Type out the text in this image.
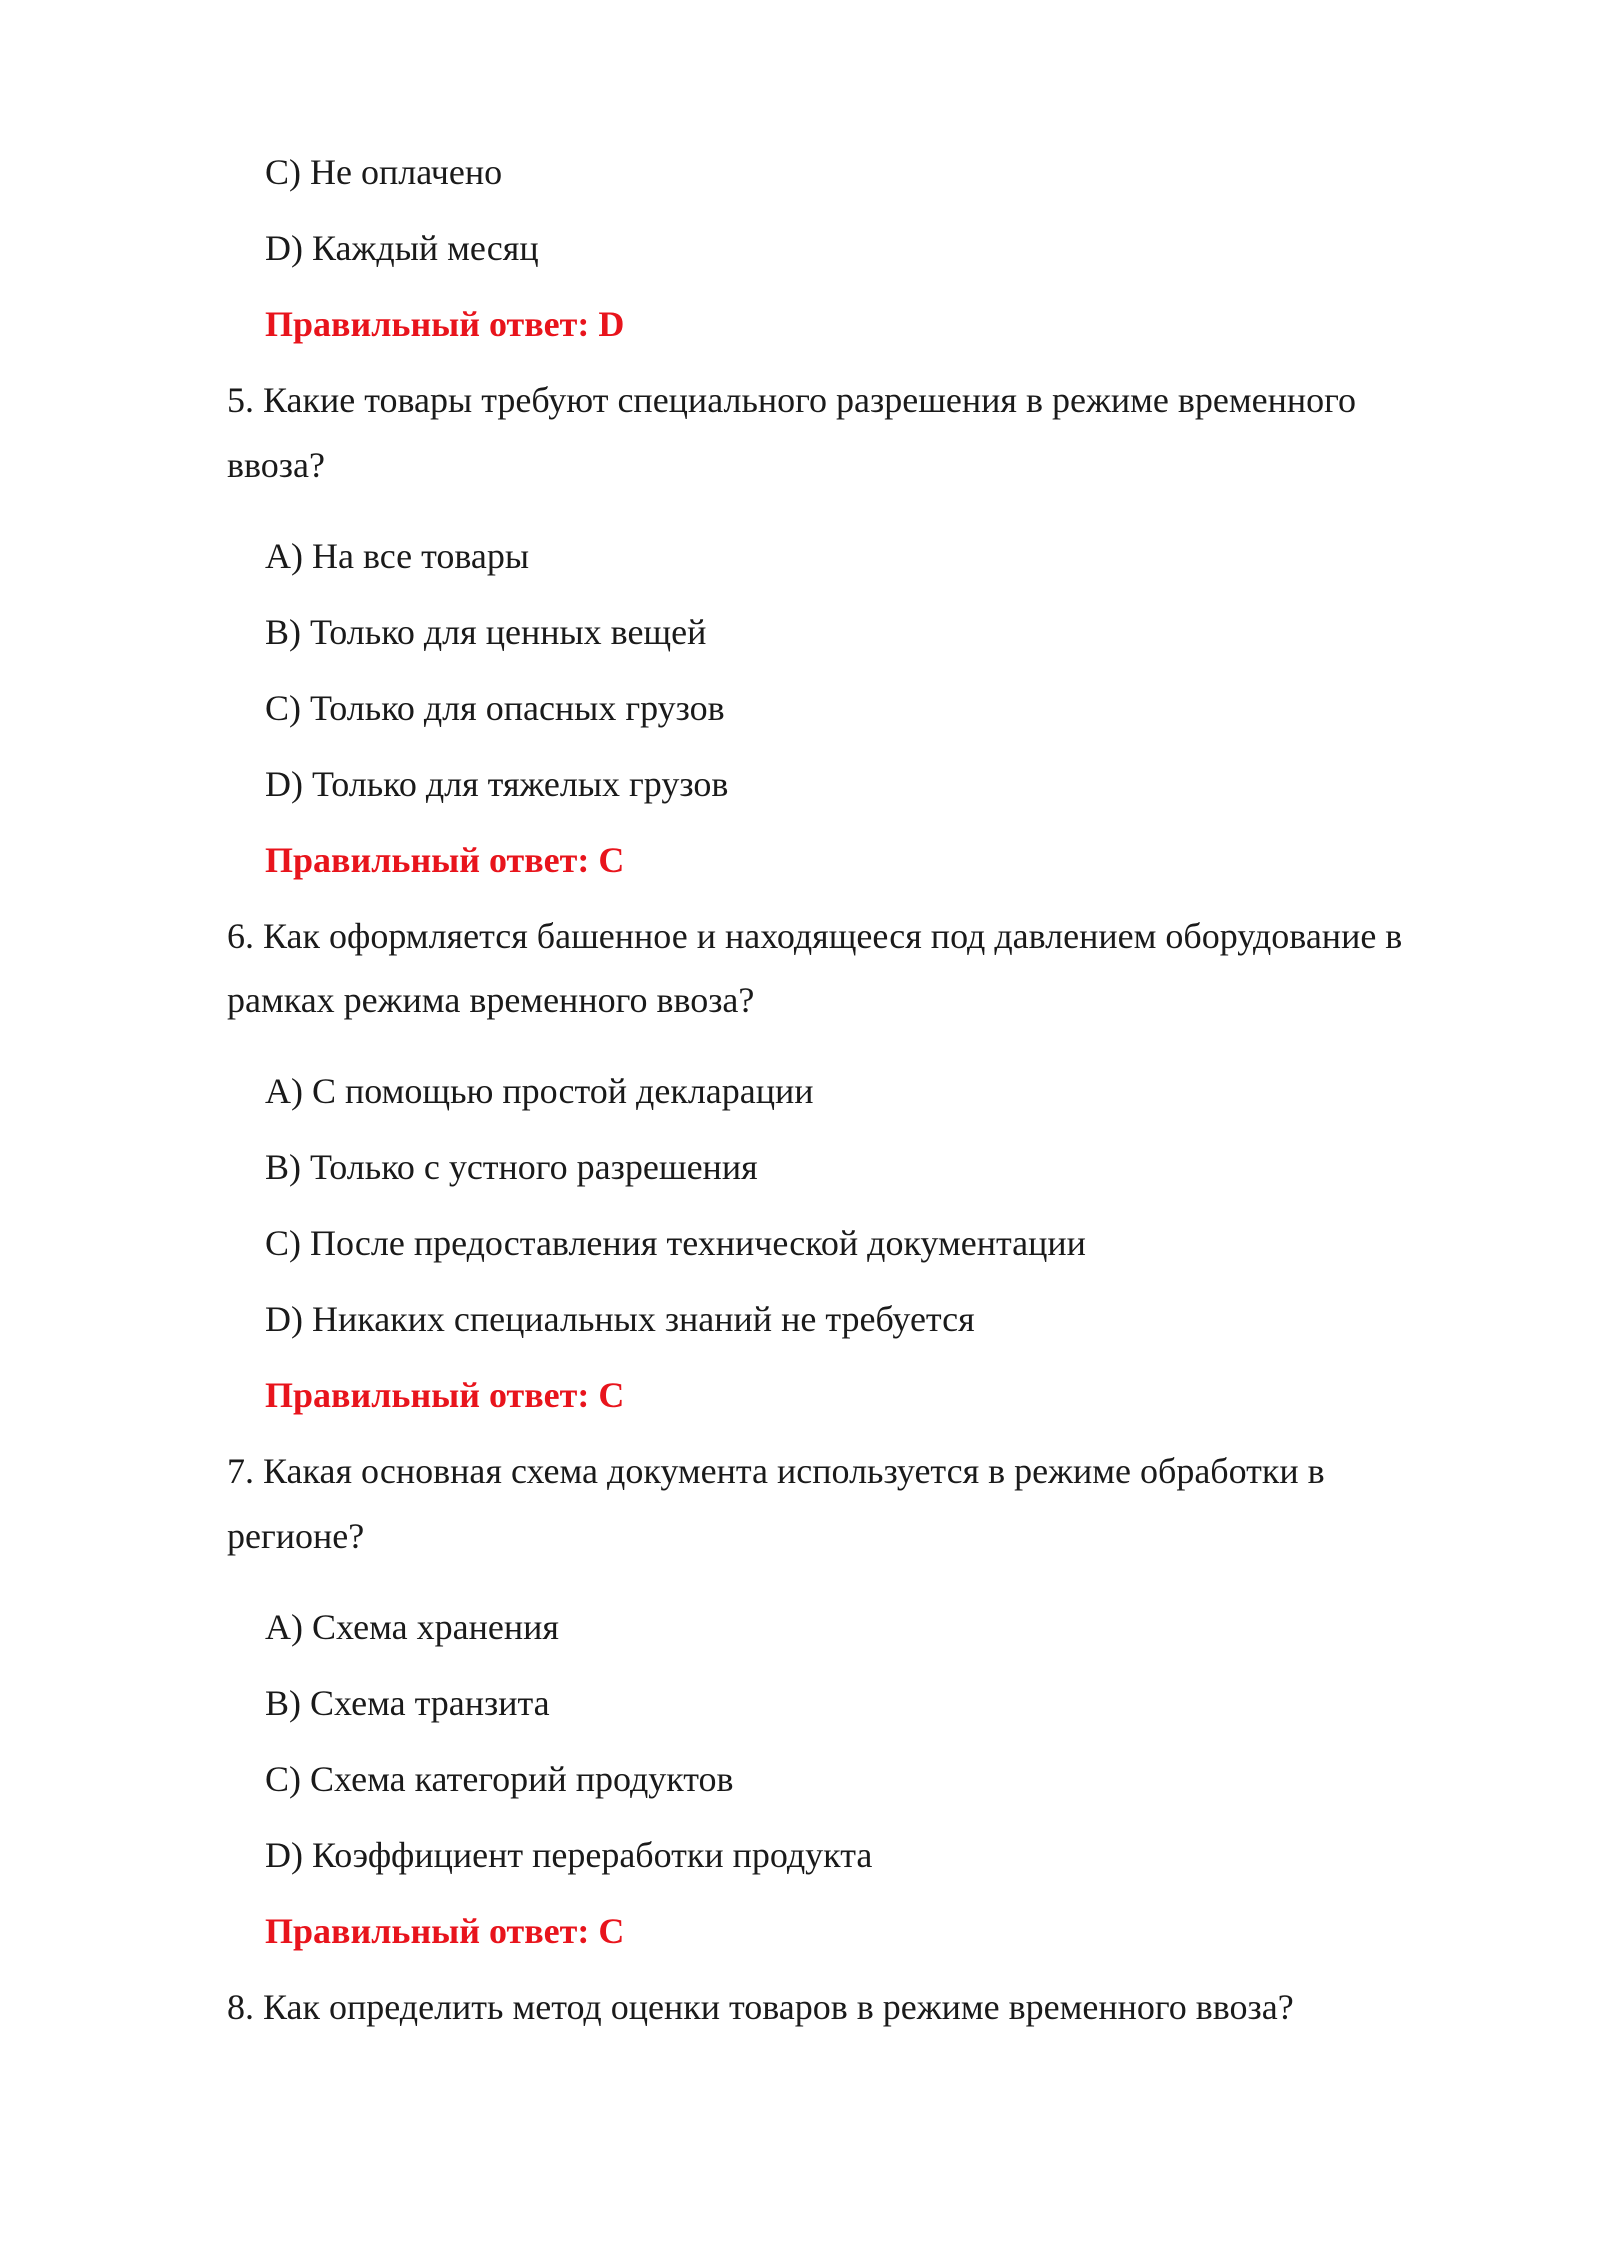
C) Не оплачено
D) Каждый месяц
Правильный ответ: D
5. Какие товары требуют специального разрешения в режиме временного
ввоза?
A) На все товары
B) Только для ценных вещей
C) Только для опасных грузов
D) Только для тяжелых грузов
Правильный ответ: C
6. Как оформляется башенное и находящееся под давлением оборудование в
рамках режима временного ввоза?
A) С помощью простой декларации
B) Только с устного разрешения
C) После предоставления технической документации
D) Никаких специальных знаний не требуется
Правильный ответ: C
7. Какая основная схема документа используется в режиме обработки в
регионе?
A) Схема хранения
B) Схема транзита
C) Схема категорий продуктов
D) Коэффициент переработки продукта
Правильный ответ: C
8. Как определить метод оценки товаров в режиме временного ввоза?
